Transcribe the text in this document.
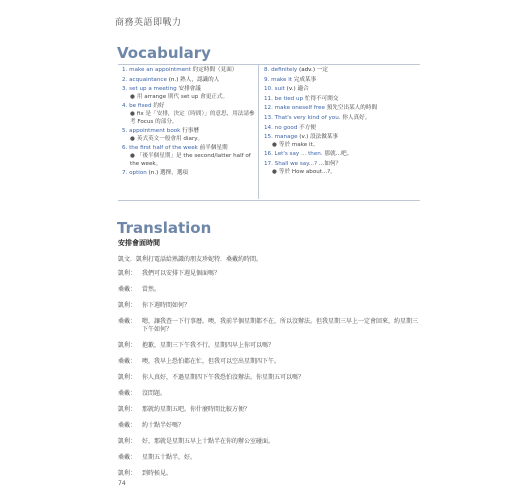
商務英語即戰力
Vocabulary
1. make an appointment 約定時間（見面）
2. acquaintance (n.) 熟人，認識的人
3. set up a meeting 安排會議
● 用 arrange 則代 set up 會更正式。
4. be fixed 約好
● fix 是「安排，決定（時間）」的意思，用法請參考 Focus 的部分。
5. appointment book 行事曆
● 英式英文一般會用 diary。
6. the first half of the week 前半個星期
● 「後半個星期」是 the second/latter half of the week。
7. option (n.) 選擇，選項
8. definitely (adv.) 一定
9. make it 完成某事
10. suit (v.) 適合
11. be tied up 忙得不可開交
12. make oneself free 預先空出某人的時間
13. That's very kind of you. 你人真好。
14. no good 不方便
15. manage (v.) 設法做某事
● 等於 make it。
16. Let's say ... then. 那就…吧。
17. Shall we say...? …如何？
● 等於 How about...?。
Translation
安排會面時間
凱文．凱利打電話給熟識的朋友珍妮特．桑戴約時間。
凱利： 我們可以安排下週見個面嗎？
桑戴： 當然。
凱利： 你下週時間如何？
桑戴： 嗯，讓我查一下行事曆。噢，我前半個星期都不在，所以沒辦法。但我星期三早上一定會回來，約星期三下午如何？
凱利： 抱歉，星期三下午我不行。星期四早上你可以嗎？
桑戴： 噢，我早上恐怕都在忙，但我可以空出星期四下午。
凱利： 你人真好，不過星期四下午我恐怕沒辦法。你星期五可以嗎？
桑戴： 沒問題。
凱利： 那就約星期五吧。你什麼時間比較方便？
桑戴： 約十點半好嗎？
凱利： 好，那就是星期五早上十點半在你的辦公室碰面。
桑戴： 星期五十點半，好。
凱利： 到時候見。
74
